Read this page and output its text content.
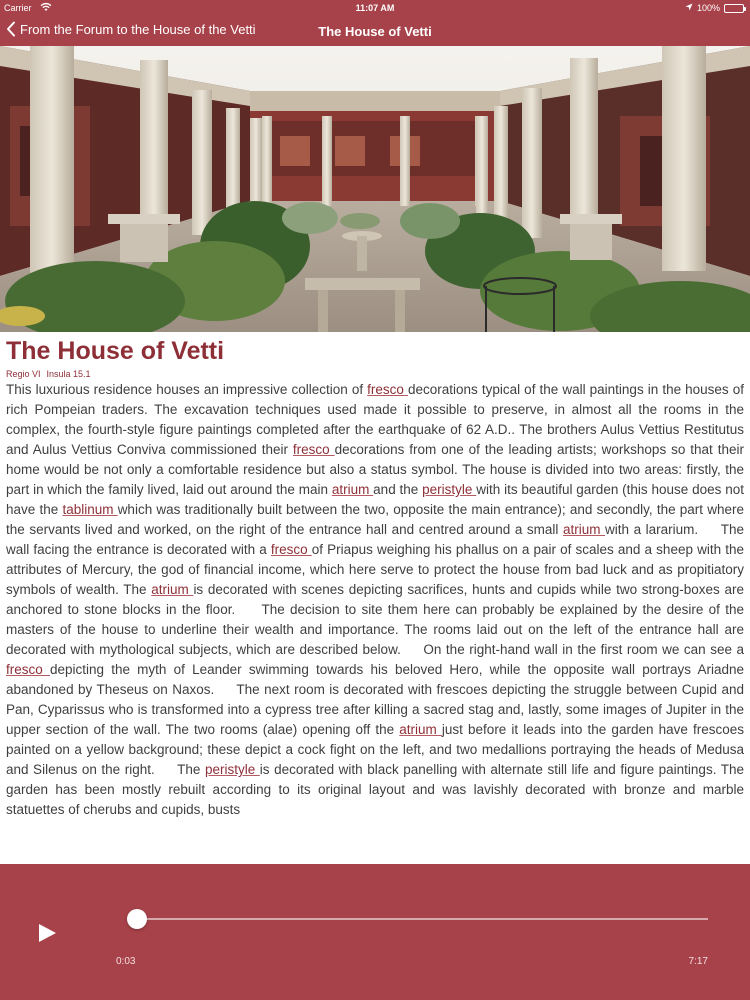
Carrier	11:07 AM	100%
From the Forum to the House of the Vetti	The House of Vetti
The House of Vetti
Regio VI Insula 15.1

This luxurious residence houses an impressive collection of fresco decorations typical of the wall paintings in the houses of rich Pompeian traders. The excavation techniques used made it possible to preserve, in almost all the rooms in the complex, the fourth-style figure paintings completed after the earthquake of 62 A.D.. The brothers Aulus Vettius Restitutus and Aulus Vettius Conviva commissioned their fresco decorations from one of the leading artists; workshops so that their home would be not only a comfortable residence but also a status symbol. The house is divided into two areas: firstly, the part in which the family lived, laid out around the main atrium and the peristyle with its beautiful garden (this house does not have the tablinum which was traditionally built between the two, opposite the main entrance); and secondly, the part where the servants lived and worked, on the right of the entrance hall and centred around a small atrium with a lararium.     The wall facing the entrance is decorated with a fresco of Priapus weighing his phallus on a pair of scales and a sheep with the attributes of Mercury, the god of financial income, which here serve to protect the house from bad luck and as propitiatory symbols of wealth. The atrium is decorated with scenes depicting sacrifices, hunts and cupids while two strong-boxes are anchored to stone blocks in the floor.     The decision to site them here can probably be explained by the desire of the masters of the house to underline their wealth and importance. The rooms laid out on the left of the entrance hall are decorated with mythological subjects, which are described below.     On the right-hand wall in the first room we can see a fresco depicting the myth of Leander swimming towards his beloved Hero, while the opposite wall portrays Ariadne abandoned by Theseus on Naxos.     The next room is decorated with frescoes depicting the struggle between Cupid and Pan, Cyparissus who is transformed into a cypress tree after killing a sacred stag and, lastly, some images of Jupiter in the upper section of the wall. The two rooms (alae) opening off the atrium just before it leads into the garden have frescoes painted on a yellow background; these depict a cock fight on the left, and two medallions portraying the heads of Medusa and Silenus on the right.     The peristyle is decorated with black panelling with alternate still life and figure paintings. The garden has been mostly rebuilt according to its original layout and was lavishly decorated with bronze and marble statuettes of cherubs and cupids, busts

0:03	7:17
